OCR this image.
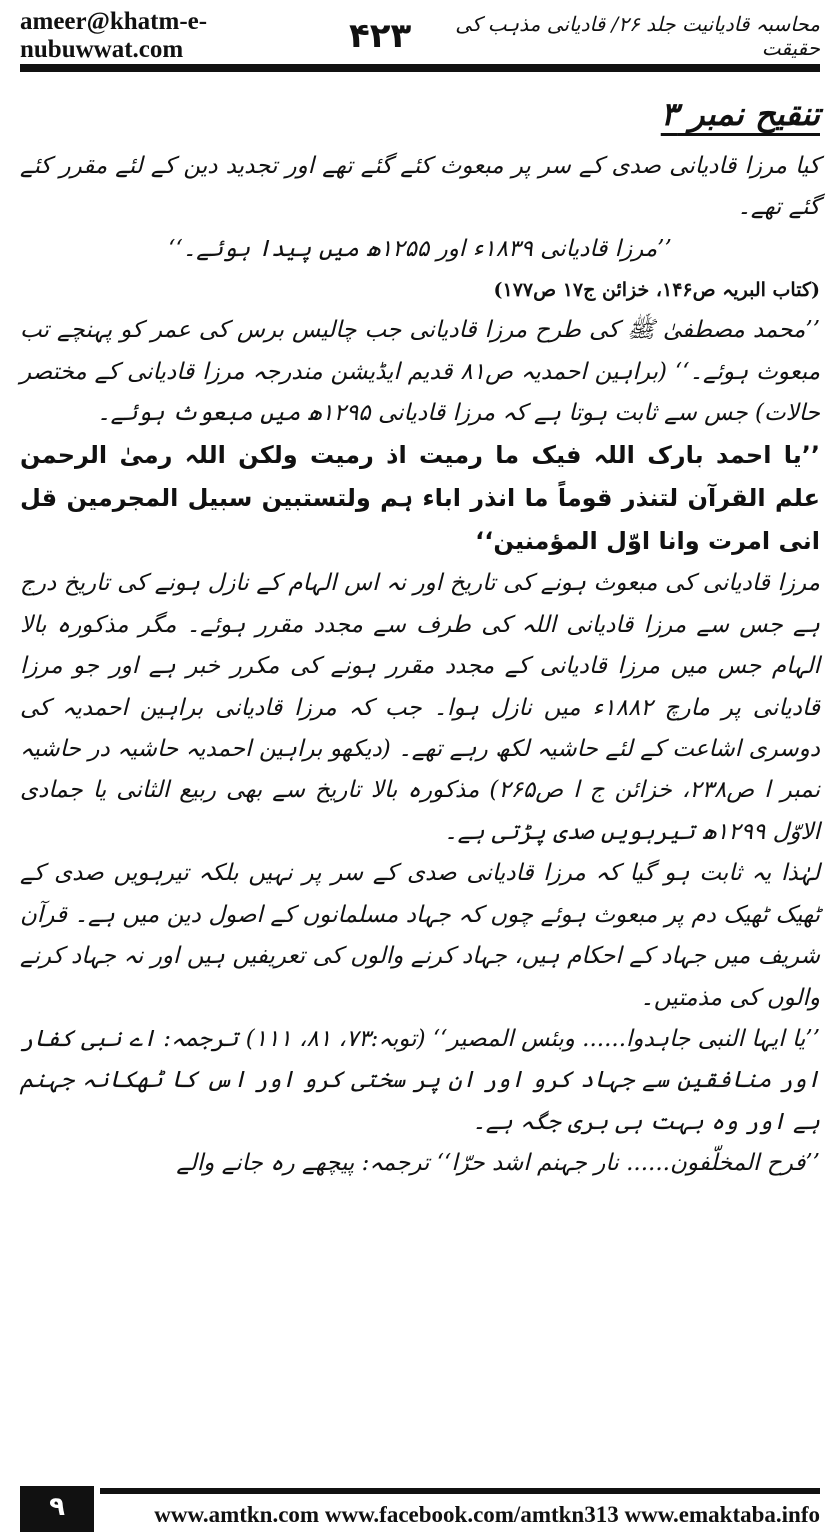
ameer@khatm-e-nubuwwat.com
محاسبہ قادیانیت جلد ۲۶/ قادیانی مذہب کی حقیقت
۴۲۳
تنقیح نمبر ۳

کیا مرزا قادیانی صدی کے سر پر مبعوث کئے گئے تھے اور تجدید دین کے لئے مقرر کئے گئے تھے۔

’’مرزا قادیانی ۱۸۳۹ء اور ۱۲۵۵ھ میں پیدا ہوئے۔‘‘

(کتاب البریہ ص۱۴۶، خزائن ج۱۷ ص۱۷۷)

’’محمد مصطفیٰ ﷺ کی طرح مرزا قادیانی جب چالیس برس کی عمر کو پہنچے تب مبعوث ہوئے۔‘‘ (براہین احمدیہ ص۸۱ قدیم ایڈیشن مندرجہ مرزا قادیانی کے مختصر حالات) جس سے ثابت ہوتا ہے کہ مرزا قادیانی ۱۲۹۵ھ میں مبعوث ہوئے۔

’’یا احمد بارک اللہ فیک ما رمیت اذ رمیت ولکن اللہ رمیٰ الرحمن علم القرآن لتنذر قوماً ما انذر اباء ہم ولتستبین سبیل المجرمین قل انی امرت وانا اوّل المؤمنین‘‘

مرزا قادیانی کی مبعوث ہونے کی تاریخ اور نہ اس الہام کے نازل ہونے کی تاریخ درج ہے جس سے مرزا قادیانی اللہ کی طرف سے مجدد مقرر ہوئے۔ مگر مذکورہ بالا الہام جس میں مرزا قادیانی کے مجدد مقرر ہونے کی مکرر خبر ہے اور جو مرزا قادیانی پر مارچ ۱۸۸۲ء میں نازل ہوا۔ جب کہ مرزا قادیانی براہین احمدیہ کی دوسری اشاعت کے لئے حاشیہ لکھ رہے تھے۔ (دیکھو براہین احمدیہ حاشیہ در حاشیہ نمبر ا ص۲۳۸، خزائن ج ا ص۲۶۵) مذکورہ بالا تاریخ سے بھی ربیع الثانی یا جمادی الاوّل ۱۲۹۹ھ تیرہویں صدی پڑتی ہے۔

لہٰذا یہ ثابت ہو گیا کہ مرزا قادیانی صدی کے سر پر نہیں بلکہ تیرہویں صدی کے ٹھیک ٹھیک دم پر مبعوث ہوئے چوں کہ جہاد مسلمانوں کے اصول دین میں ہے۔ قرآن شریف میں جہاد کے احکام ہیں، جہاد کرنے والوں کی تعریفیں ہیں اور نہ جہاد کرنے والوں کی مذمتیں۔

’’یا ایہا النبی جاہدوا...... وبئس المصیر‘‘ (توبہ:۷۳، ۸۱، ۱۱۱) ترجمہ: اے نبی کفار اور منافقین سے جہاد کرو اور ان پر سختی کرو اور اس کا ٹھکانہ جہنم ہے اور وہ بہت ہی بری جگہ ہے۔

’’فرح المخلّفون...... نار جہنم اشد حرّا‘‘ ترجمہ: پیچھے رہ جانے والے

۹	www.amtkn.com www.facebook.com/amtkn313 www.emaktaba.info
